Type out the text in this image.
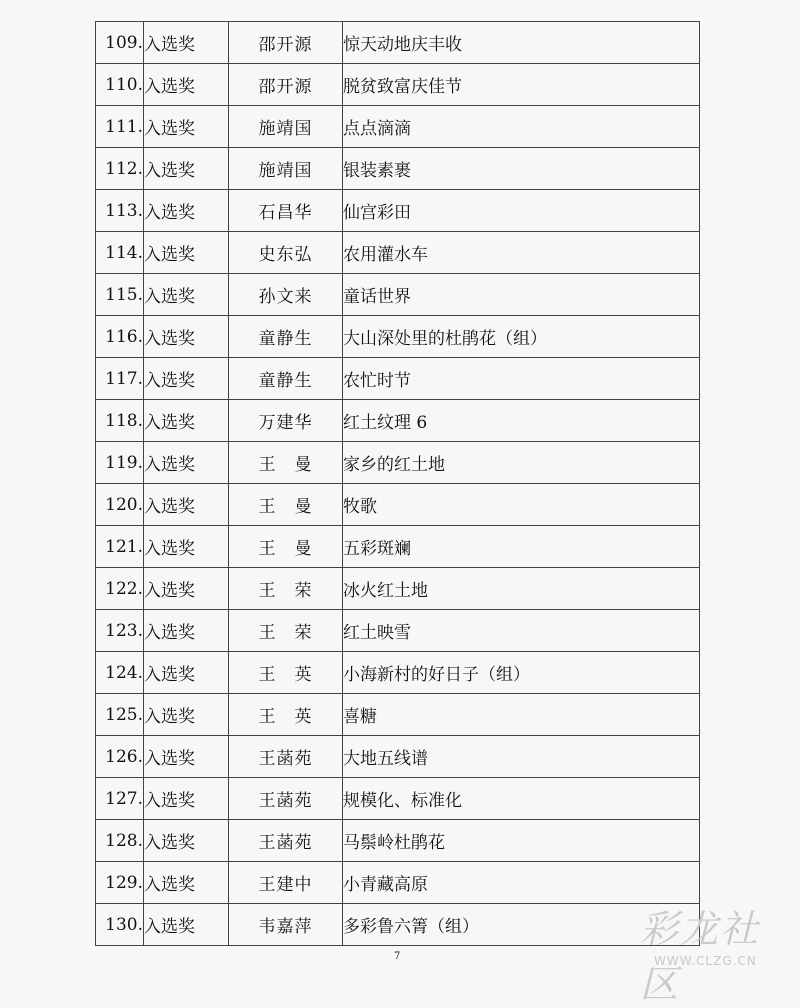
109.	入选奖	邵开源	惊天动地庆丰收
110.	入选奖	邵开源	脱贫致富庆佳节
111.	入选奖	施靖国	点点滴滴
112.	入选奖	施靖国	银装素裹
113.	入选奖	石昌华	仙宫彩田
114.	入选奖	史东弘	农用灌水车
115.	入选奖	孙文来	童话世界
116.	入选奖	童静生	大山深处里的杜鹃花（组）
117.	入选奖	童静生	农忙时节
118.	入选奖	万建华	红土纹理 6
119.	入选奖	王　曼	家乡的红土地
120.	入选奖	王　曼	牧歌
121.	入选奖	王　曼	五彩斑斓
122.	入选奖	王　荣	冰火红土地
123.	入选奖	王　荣	红土映雪
124.	入选奖	王　英	小海新村的好日子（组）
125.	入选奖	王　英	喜糖
126.	入选奖	王菡苑	大地五线谱
127.	入选奖	王菡苑	规模化、标准化
128.	入选奖	王菡苑	马鬃岭杜鹃花
129.	入选奖	王建中	小青藏高原
130.	入选奖	韦嘉萍	多彩鲁六箐（组）
7
彩龙社区
WWW.CLZG.CN
